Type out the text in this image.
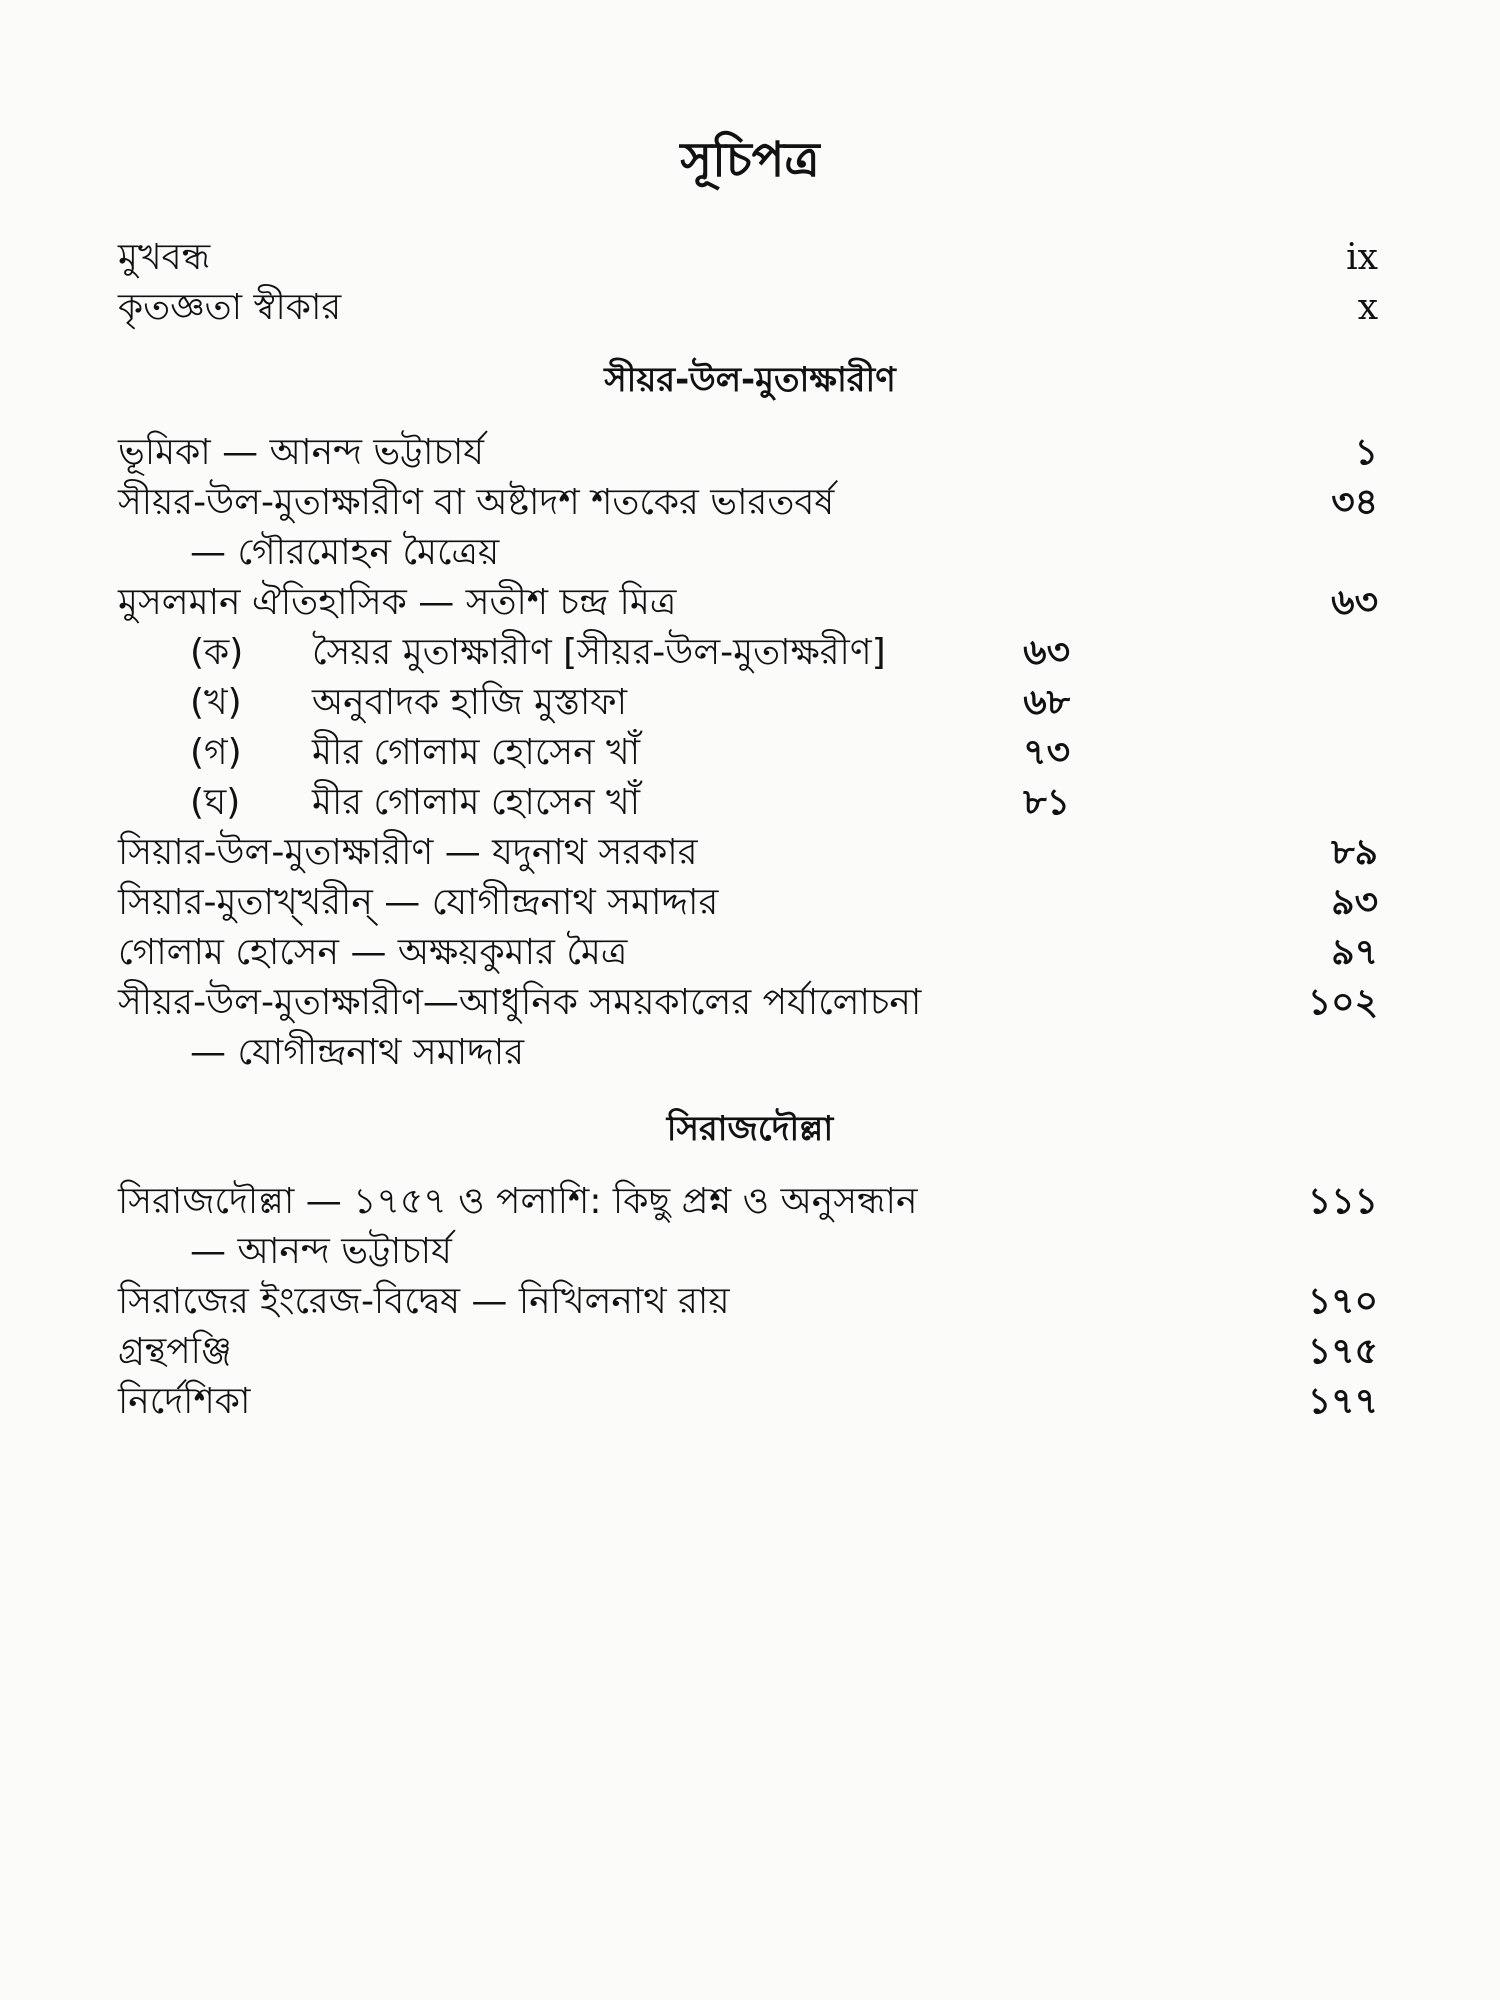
সূচিপত্র
মুখবন্ধ	ix
কৃতজ্ঞতা স্বীকার	x
সীয়র-উল-মুতাক্ষারীণ
ভূমিকা — আনন্দ ভট্টাচার্য	১
সীয়র-উল-মুতাক্ষারীণ বা অষ্টাদশ শতকের ভারতবর্ষ	৩৪
— গৌরমোহন মৈত্রেয়
মুসলমান ঐতিহাসিক — সতীশ চন্দ্র মিত্র	৬৩
(ক) সৈয়র মুতাক্ষারীণ [সীয়র-উল-মুতাক্ষরীণ]	৬৩
(খ) অনুবাদক হাজি মুস্তাফা	৬৮
(গ) মীর গোলাম হোসেন খাঁ	৭৩
(ঘ) মীর গোলাম হোসেন খাঁ	৮১
সিয়ার-উল-মুতাক্ষারীণ — যদুনাথ সরকার	৮৯
সিয়ার-মুতাখ্‌খরীন্‌ — যোগীন্দ্রনাথ সমাদ্দার	৯৩
গোলাম হোসেন — অক্ষয়কুমার মৈত্র	৯৭
সীয়র-উল-মুতাক্ষারীণ—আধুনিক সময়কালের পর্যালোচনা	১০২
— যোগীন্দ্রনাথ সমাদ্দার
সিরাজদৌল্লা
সিরাজদৌল্লা — ১৭৫৭ ও পলাশি: কিছু প্রশ্ন ও অনুসন্ধান	১১১
— আনন্দ ভট্টাচার্য
সিরাজের ইংরেজ-বিদ্বেষ — নিখিলনাথ রায়	১৭০
গ্রন্থপঞ্জি	১৭৫
নির্দেশিকা	১৭৭
